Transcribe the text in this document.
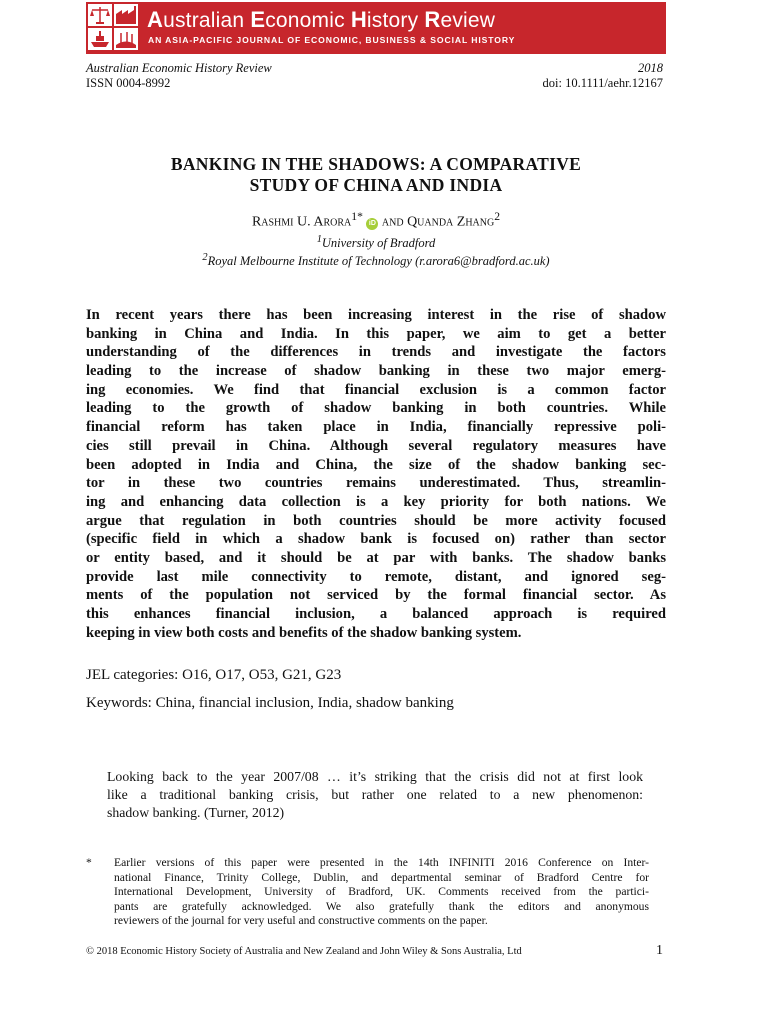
Australian Economic History Review
AN ASIA-PACIFIC JOURNAL OF ECONOMIC, BUSINESS & SOCIAL HISTORY
Australian Economic History Review
ISSN 0004-8992
2018
doi: 10.1111/aehr.12167
BANKING IN THE SHADOWS: A COMPARATIVE
STUDY OF CHINA AND INDIA
Rashmi U. Arora$^{1*}$ iD and Quanda Zhang$^2$
$^1$University of Bradford
$^2$Royal Melbourne Institute of Technology (r.arora6@bradford.ac.uk)
In recent years there has been increasing interest in the rise of shadow
banking in China and India. In this paper, we aim to get a better
understanding of the differences in trends and investigate the factors
leading to the increase of shadow banking in these two major emerg-
ing economies. We find that financial exclusion is a common factor
leading to the growth of shadow banking in both countries. While
financial reform has taken place in India, financially repressive poli-
cies still prevail in China. Although several regulatory measures have
been adopted in India and China, the size of the shadow banking sec-
tor in these two countries remains underestimated. Thus, streamlin-
ing and enhancing data collection is a key priority for both nations. We
argue that regulation in both countries should be more activity focused
(specific field in which a shadow bank is focused on) rather than sector
or entity based, and it should be at par with banks. The shadow banks
provide last mile connectivity to remote, distant, and ignored seg-
ments of the population not serviced by the formal financial sector. As
this enhances financial inclusion, a balanced approach is required
keeping in view both costs and benefits of the shadow banking system.
JEL categories: O16, O17, O53, G21, G23
Keywords: China, financial inclusion, India, shadow banking
Looking back to the year 2007/08 … it’s striking that the crisis did not at first look
like a traditional banking crisis, but rather one related to a new phenomenon:
shadow banking. (Turner, 2012)
* Earlier versions of this paper were presented in the 14th INFINITI 2016 Conference on Inter-
national Finance, Trinity College, Dublin, and departmental seminar of Bradford Centre for
International Development, University of Bradford, UK. Comments received from the partici-
pants are gratefully acknowledged. We also gratefully thank the editors and anonymous
reviewers of the journal for very useful and constructive comments on the paper.
© 2018 Economic History Society of Australia and New Zealand and John Wiley & Sons Australia, Ltd	1
